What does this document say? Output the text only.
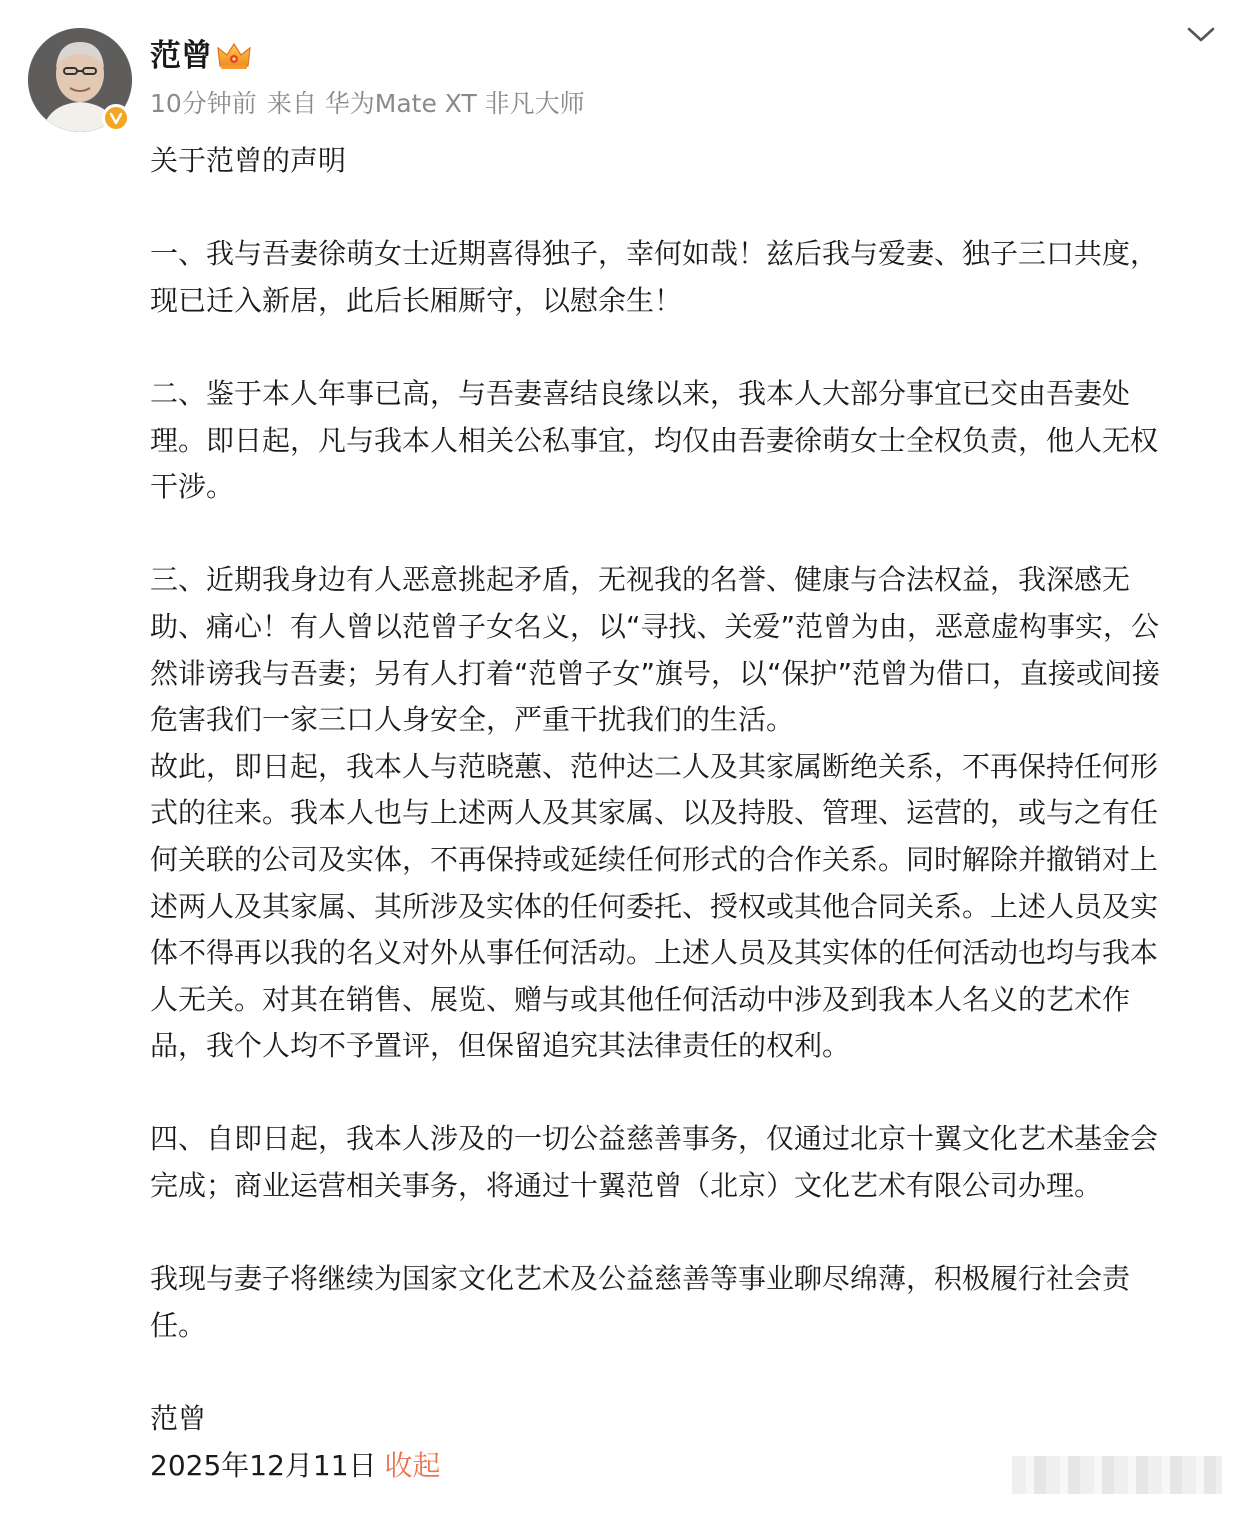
范曾
10分钟前 来自 华为Mate XT 非凡大师

关于范曾的声明

一、我与吾妻徐萌女士近期喜得独子，幸何如哉！兹后我与爱妻、独子三口共度，
现已迁入新居，此后长厢厮守，以慰余生！

二、鉴于本人年事已高，与吾妻喜结良缘以来，我本人大部分事宜已交由吾妻处
理。即日起，凡与我本人相关公私事宜，均仅由吾妻徐萌女士全权负责，他人无权
干涉。

三、近期我身边有人恶意挑起矛盾，无视我的名誉、健康与合法权益，我深感无
助、痛心！有人曾以范曾子女名义，以“寻找、关爱”范曾为由，恶意虚构事实，公
然诽谤我与吾妻；另有人打着“范曾子女”旗号，以“保护”范曾为借口，直接或间接
危害我们一家三口人身安全，严重干扰我们的生活。

故此，即日起，我本人与范晓蕙、范仲达二人及其家属断绝关系，不再保持任何形
式的往来。我本人也与上述两人及其家属、以及持股、管理、运营的，或与之有任
何关联的公司及实体，不再保持或延续任何形式的合作关系。同时解除并撤销对上
述两人及其家属、其所涉及实体的任何委托、授权或其他合同关系。上述人员及实
体不得再以我的名义对外从事任何活动。上述人员及其实体的任何活动也均与我本
人无关。对其在销售、展览、赠与或其他任何活动中涉及到我本人名义的艺术作
品，我个人均不予置评，但保留追究其法律责任的权利。

四、自即日起，我本人涉及的一切公益慈善事务，仅通过北京十翼文化艺术基金会
完成；商业运营相关事务，将通过十翼范曾（北京）文化艺术有限公司办理。

我现与妻子将继续为国家文化艺术及公益慈善等事业聊尽绵薄，积极履行社会责
任。

范曾

2025年12月11日 收起
